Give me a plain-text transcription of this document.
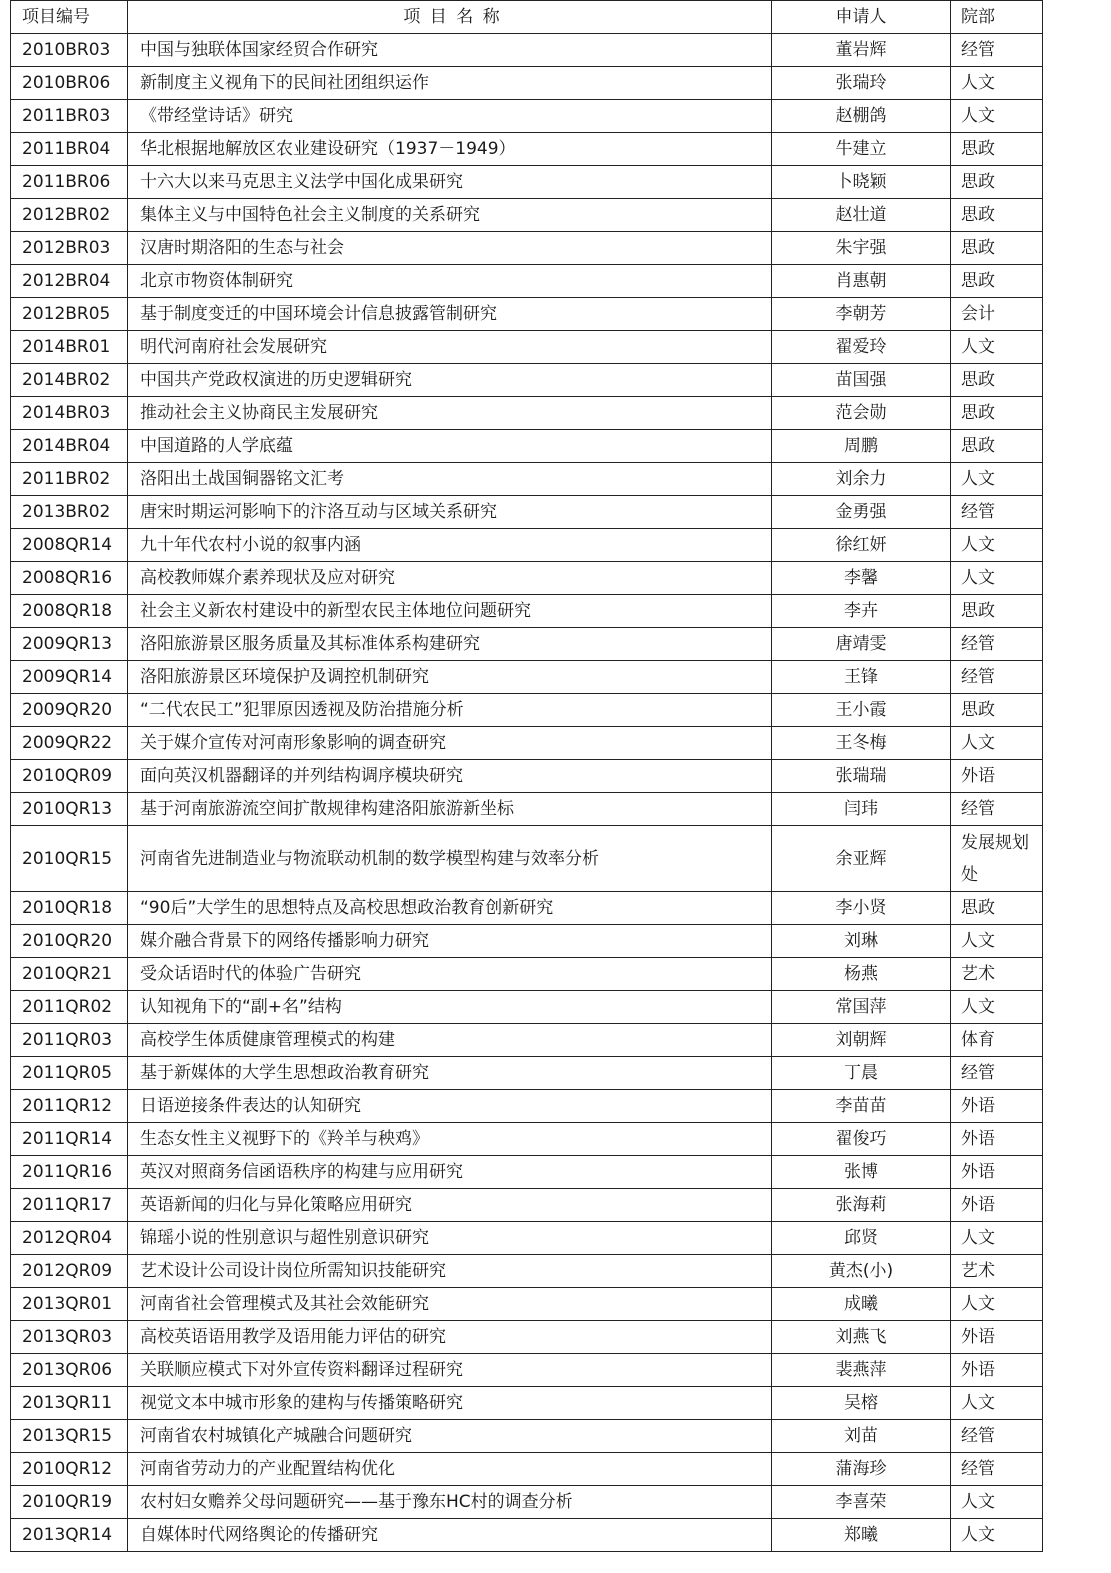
项目编号	项 目 名 称	申请人	院部
2010BR03	中国与独联体国家经贸合作研究	董岩辉	经管
2010BR06	新制度主义视角下的民间社团组织运作	张瑞玲	人文
2011BR03	《带经堂诗话》研究	赵棚鸽	人文
2011BR04	华北根据地解放区农业建设研究（1937－1949）	牛建立	思政
2011BR06	十六大以来马克思主义法学中国化成果研究	卜晓颖	思政
2012BR02	集体主义与中国特色社会主义制度的关系研究	赵壮道	思政
2012BR03	汉唐时期洛阳的生态与社会	朱宇强	思政
2012BR04	北京市物资体制研究	肖惠朝	思政
2012BR05	基于制度变迁的中国环境会计信息披露管制研究	李朝芳	会计
2014BR01	明代河南府社会发展研究	翟爱玲	人文
2014BR02	中国共产党政权演进的历史逻辑研究	苗国强	思政
2014BR03	推动社会主义协商民主发展研究	范会勋	思政
2014BR04	中国道路的人学底蕴	周鹏	思政
2011BR02	洛阳出土战国铜器铭文汇考	刘余力	人文
2013BR02	唐宋时期运河影响下的汴洛互动与区域关系研究	金勇强	经管
2008QR14	九十年代农村小说的叙事内涵	徐红妍	人文
2008QR16	高校教师媒介素养现状及应对研究	李馨	人文
2008QR18	社会主义新农村建设中的新型农民主体地位问题研究	李卉	思政
2009QR13	洛阳旅游景区服务质量及其标准体系构建研究	唐靖雯	经管
2009QR14	洛阳旅游景区环境保护及调控机制研究	王锋	经管
2009QR20	“二代农民工”犯罪原因透视及防治措施分析	王小霞	思政
2009QR22	关于媒介宣传对河南形象影响的调查研究	王冬梅	人文
2010QR09	面向英汉机器翻译的并列结构调序模块研究	张瑞瑞	外语
2010QR13	基于河南旅游流空间扩散规律构建洛阳旅游新坐标	闫玮	经管
2010QR15	河南省先进制造业与物流联动机制的数学模型构建与效率分析	余亚辉	发展规划处
2010QR18	“90后”大学生的思想特点及高校思想政治教育创新研究	李小贤	思政
2010QR20	媒介融合背景下的网络传播影响力研究	刘琳	人文
2010QR21	受众话语时代的体验广告研究	杨燕	艺术
2011QR02	认知视角下的“副+名”结构	常国萍	人文
2011QR03	高校学生体质健康管理模式的构建	刘朝辉	体育
2011QR05	基于新媒体的大学生思想政治教育研究	丁晨	经管
2011QR12	日语逆接条件表达的认知研究	李苗苗	外语
2011QR14	生态女性主义视野下的《羚羊与秧鸡》	翟俊巧	外语
2011QR16	英汉对照商务信函语秩序的构建与应用研究	张博	外语
2011QR17	英语新闻的归化与异化策略应用研究	张海莉	外语
2012QR04	锦瑶小说的性别意识与超性别意识研究	邱贤	人文
2012QR09	艺术设计公司设计岗位所需知识技能研究	黄杰(小)	艺术
2013QR01	河南省社会管理模式及其社会效能研究	成曦	人文
2013QR03	高校英语语用教学及语用能力评估的研究	刘燕飞	外语
2013QR06	关联顺应模式下对外宣传资料翻译过程研究	裴燕萍	外语
2013QR11	视觉文本中城市形象的建构与传播策略研究	吴榕	人文
2013QR15	河南省农村城镇化产城融合问题研究	刘苗	经管
2010QR12	河南省劳动力的产业配置结构优化	蒲海珍	经管
2010QR19	农村妇女赡养父母问题研究——基于豫东HC村的调查分析	李喜荣	人文
2013QR14	自媒体时代网络舆论的传播研究	郑曦	人文
